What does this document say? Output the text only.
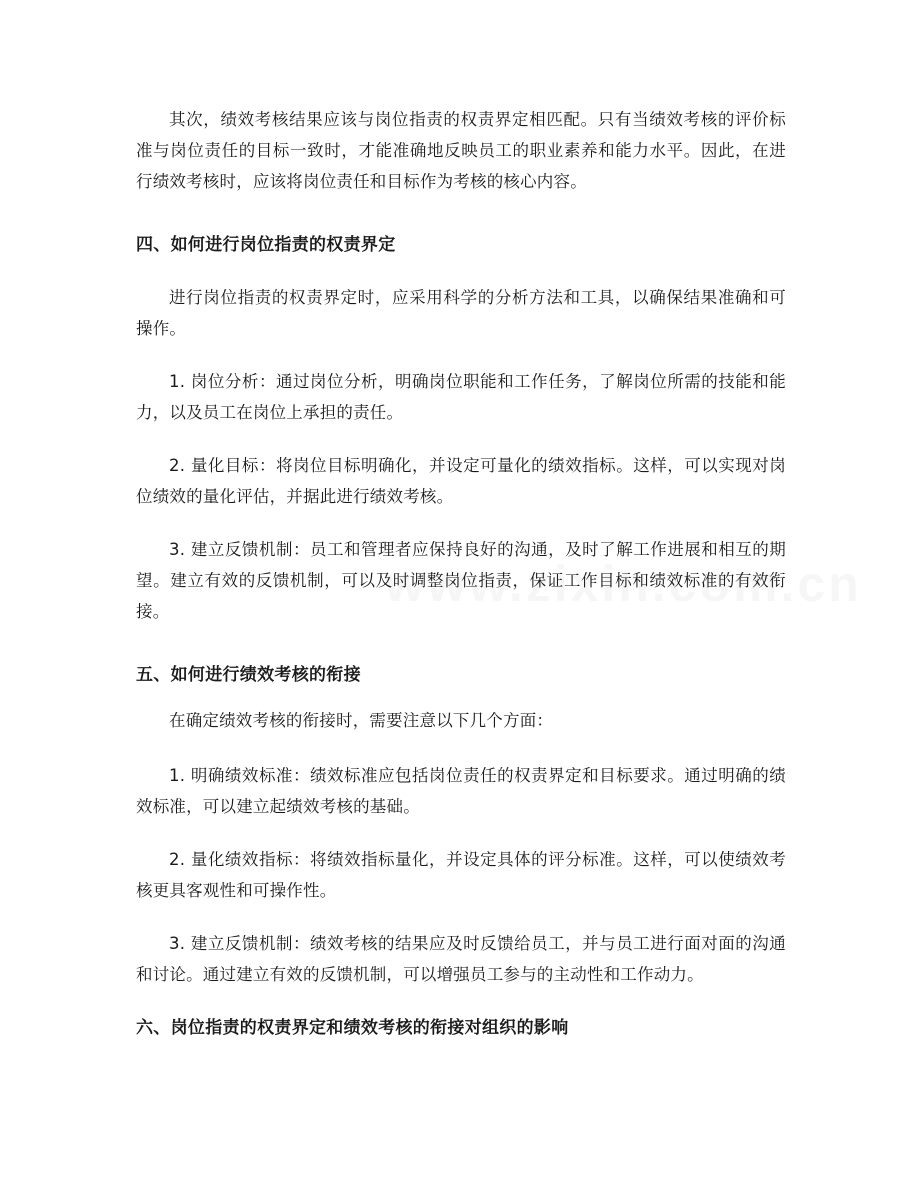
其次，绩效考核结果应该与岗位指责的权责界定相匹配。只有当绩效考核的评价标准与岗位责任的目标一致时，才能准确地反映员工的职业素养和能力水平。因此，在进行绩效考核时，应该将岗位责任和目标作为考核的核心内容。

四、如何进行岗位指责的权责界定

进行岗位指责的权责界定时，应采用科学的分析方法和工具，以确保结果准确和可操作。

1. 岗位分析：通过岗位分析，明确岗位职能和工作任务，了解岗位所需的技能和能力，以及员工在岗位上承担的责任。

2. 量化目标：将岗位目标明确化，并设定可量化的绩效指标。这样，可以实现对岗位绩效的量化评估，并据此进行绩效考核。

3. 建立反馈机制：员工和管理者应保持良好的沟通，及时了解工作进展和相互的期望。建立有效的反馈机制，可以及时调整岗位指责，保证工作目标和绩效标准的有效衔接。

五、如何进行绩效考核的衔接

在确定绩效考核的衔接时，需要注意以下几个方面：

1. 明确绩效标准：绩效标准应包括岗位责任的权责界定和目标要求。通过明确的绩效标准，可以建立起绩效考核的基础。

2. 量化绩效指标：将绩效指标量化，并设定具体的评分标准。这样，可以使绩效考核更具客观性和可操作性。

3. 建立反馈机制：绩效考核的结果应及时反馈给员工，并与员工进行面对面的沟通和讨论。通过建立有效的反馈机制，可以增强员工参与的主动性和工作动力。

六、岗位指责的权责界定和绩效考核的衔接对组织的影响
